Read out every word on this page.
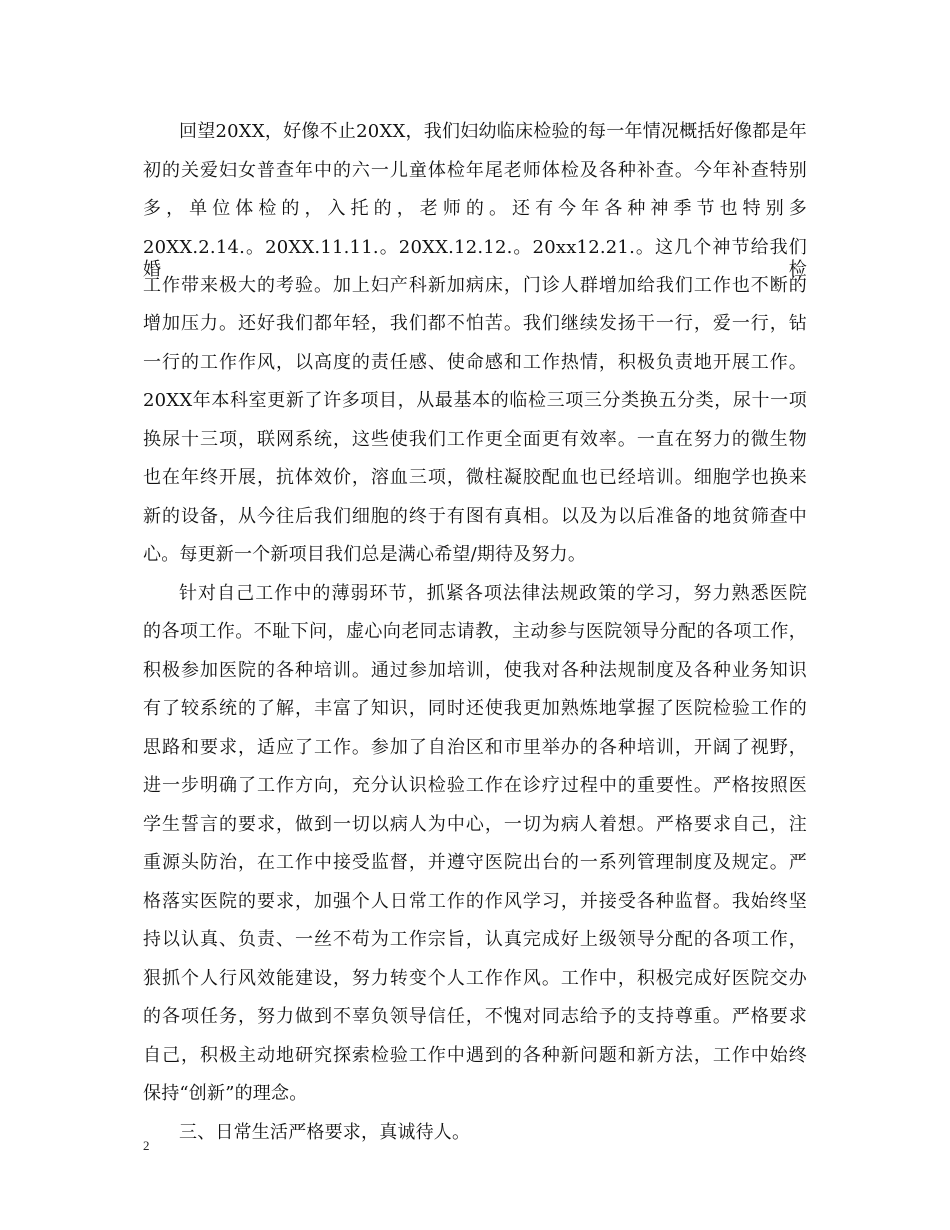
回望20XX，好像不止20XX，我们妇幼临床检验的每一年情况概括好像都是年
初的关爱妇女普查年中的六一儿童体检年尾老师体检及各种补查。今年补查特别
多，单位体检的，入托的，老师的。还有今年各种神季节也特别多
20XX.2.14.。20XX.11.11.。20XX.12.12.。20xx12.21.。这几个神节给我们婚检
工作带来极大的考验。加上妇产科新加病床，门诊人群增加给我们工作也不断的
增加压力。还好我们都年轻，我们都不怕苦。我们继续发扬干一行，爱一行，钻
一行的工作作风，以高度的责任感、使命感和工作热情，积极负责地开展工作。
20XX年本科室更新了许多项目，从最基本的临检三项三分类换五分类，尿十一项
换尿十三项，联网系统，这些使我们工作更全面更有效率。一直在努力的微生物
也在年终开展，抗体效价，溶血三项，微柱凝胶配血也已经培训。细胞学也换来
新的设备，从今往后我们细胞的终于有图有真相。以及为以后准备的地贫筛查中
心。每更新一个新项目我们总是满心希望/期待及努力。
针对自己工作中的薄弱环节，抓紧各项法律法规政策的学习，努力熟悉医院
的各项工作。不耻下问，虚心向老同志请教，主动参与医院领导分配的各项工作，
积极参加医院的各种培训。通过参加培训，使我对各种法规制度及各种业务知识
有了较系统的了解，丰富了知识，同时还使我更加熟炼地掌握了医院检验工作的
思路和要求，适应了工作。参加了自治区和市里举办的各种培训，开阔了视野，
进一步明确了工作方向，充分认识检验工作在诊疗过程中的重要性。严格按照医
学生誓言的要求，做到一切以病人为中心，一切为病人着想。严格要求自己，注
重源头防治，在工作中接受监督，并遵守医院出台的一系列管理制度及规定。严
格落实医院的要求，加强个人日常工作的作风学习，并接受各种监督。我始终坚
持以认真、负责、一丝不苟为工作宗旨，认真完成好上级领导分配的各项工作，
狠抓个人行风效能建设，努力转变个人工作作风。工作中，积极完成好医院交办
的各项任务，努力做到不辜负领导信任，不愧对同志给予的支持尊重。严格要求
自己，积极主动地研究探索检验工作中遇到的各种新问题和新方法，工作中始终
保持“创新”的理念。
三、日常生活严格要求，真诚待人。
2
